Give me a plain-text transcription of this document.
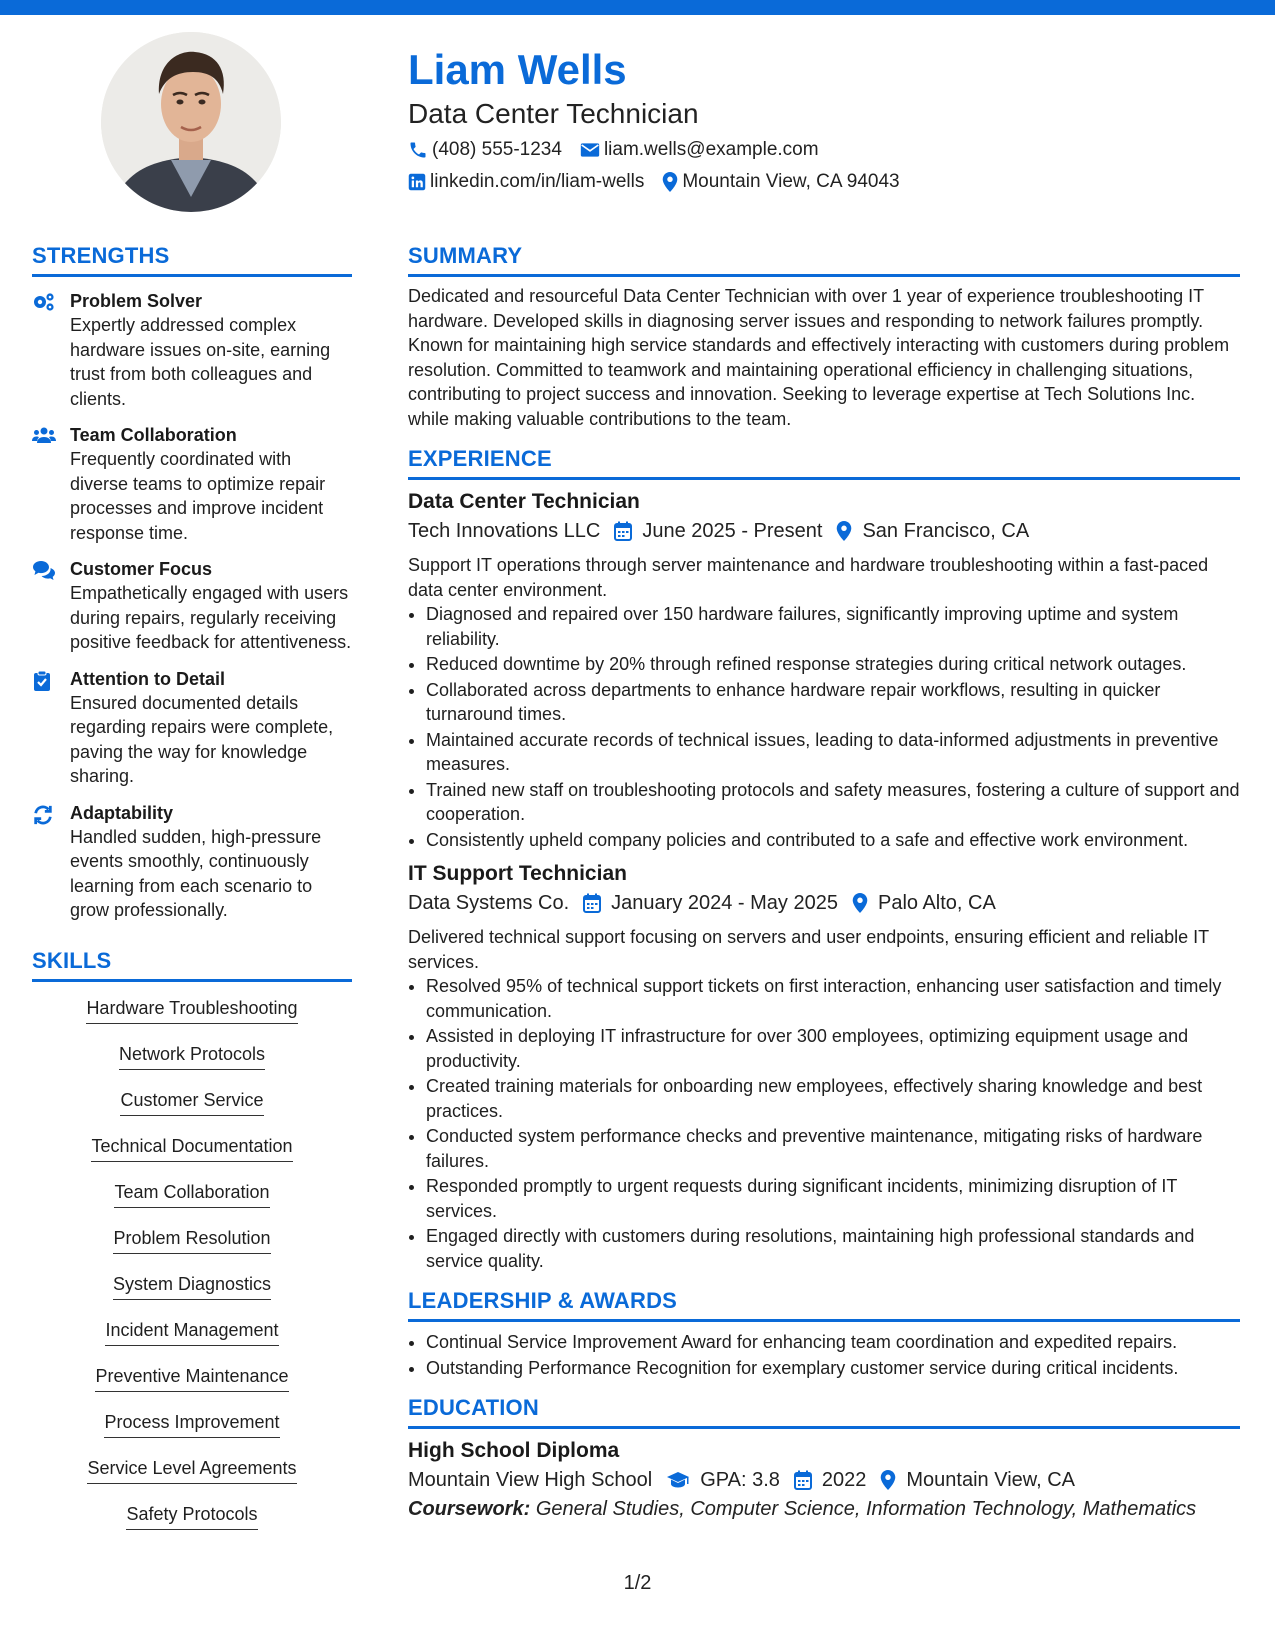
Liam Wells
Data Center Technician
(408) 555-1234 liam.wells@example.com
linkedin.com/in/liam-wells Mountain View, CA 94043
STRENGTHS
Problem Solver
Expertly addressed complex hardware issues on-site, earning trust from both colleagues and clients.
Team Collaboration
Frequently coordinated with diverse teams to optimize repair processes and improve incident response time.
Customer Focus
Empathetically engaged with users during repairs, regularly receiving positive feedback for attentiveness.
Attention to Detail
Ensured documented details regarding repairs were complete, paving the way for knowledge sharing.
Adaptability
Handled sudden, high-pressure events smoothly, continuously learning from each scenario to grow professionally.
SKILLS
Hardware Troubleshooting
Network Protocols
Customer Service
Technical Documentation
Team Collaboration
Problem Resolution
System Diagnostics
Incident Management
Preventive Maintenance
Process Improvement
Service Level Agreements
Safety Protocols
SUMMARY
Dedicated and resourceful Data Center Technician with over 1 year of experience troubleshooting IT hardware. Developed skills in diagnosing server issues and responding to network failures promptly. Known for maintaining high service standards and effectively interacting with customers during problem resolution. Committed to teamwork and maintaining operational efficiency in challenging situations, contributing to project success and innovation. Seeking to leverage expertise at Tech Solutions Inc. while making valuable contributions to the team.
EXPERIENCE
Data Center Technician
Tech Innovations LLC June 2025 - Present San Francisco, CA
Support IT operations through server maintenance and hardware troubleshooting within a fast-paced data center environment.
• Diagnosed and repaired over 150 hardware failures, significantly improving uptime and system reliability.
• Reduced downtime by 20% through refined response strategies during critical network outages.
• Collaborated across departments to enhance hardware repair workflows, resulting in quicker turnaround times.
• Maintained accurate records of technical issues, leading to data-informed adjustments in preventive measures.
• Trained new staff on troubleshooting protocols and safety measures, fostering a culture of support and cooperation.
• Consistently upheld company policies and contributed to a safe and effective work environment.
IT Support Technician
Data Systems Co. January 2024 - May 2025 Palo Alto, CA
Delivered technical support focusing on servers and user endpoints, ensuring efficient and reliable IT services.
• Resolved 95% of technical support tickets on first interaction, enhancing user satisfaction and timely communication.
• Assisted in deploying IT infrastructure for over 300 employees, optimizing equipment usage and productivity.
• Created training materials for onboarding new employees, effectively sharing knowledge and best practices.
• Conducted system performance checks and preventive maintenance, mitigating risks of hardware failures.
• Responded promptly to urgent requests during significant incidents, minimizing disruption of IT services.
• Engaged directly with customers during resolutions, maintaining high professional standards and service quality.
LEADERSHIP & AWARDS
• Continual Service Improvement Award for enhancing team coordination and expedited repairs.
• Outstanding Performance Recognition for exemplary customer service during critical incidents.
EDUCATION
High School Diploma
Mountain View High School GPA: 3.8 2022 Mountain View, CA
Coursework: General Studies, Computer Science, Information Technology, Mathematics
1/2
